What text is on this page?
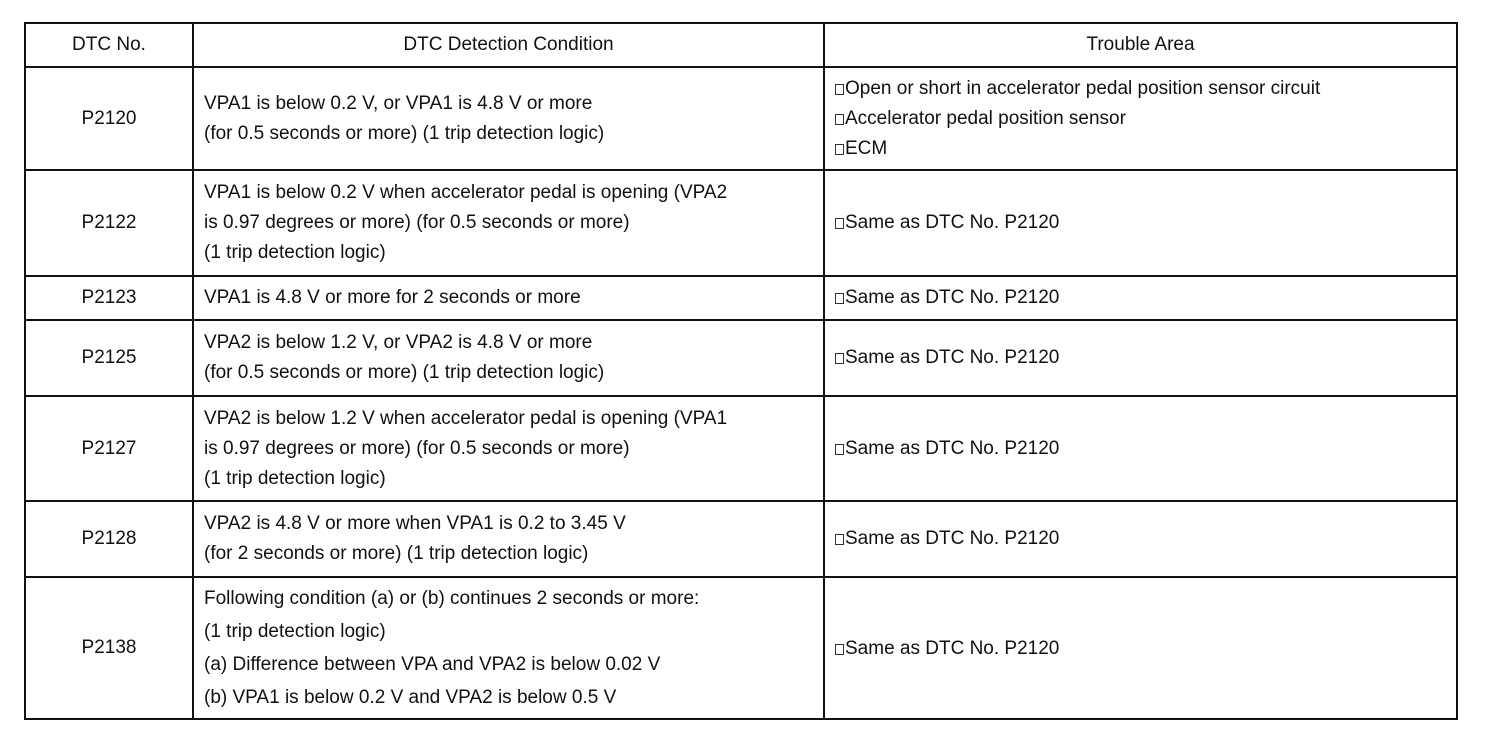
DTC No.	DTC Detection Condition	Trouble Area
P2120	VPA1 is below 0.2 V, or VPA1 is 4.8 V or more
(for 0.5 seconds or more) (1 trip detection logic)	Open or short in accelerator pedal position sensor circuit
Accelerator pedal position sensor
ECM

P2122	VPA1 is below 0.2 V when accelerator pedal is opening (VPA2
is 0.97 degrees or more) (for 0.5 seconds or more)
(1 trip detection logic)	Same as DTC No. P2120

P2123	VPA1 is 4.8 V or more for 2 seconds or more	Same as DTC No. P2120

P2125	VPA2 is below 1.2 V, or VPA2 is 4.8 V or more
(for 0.5 seconds or more) (1 trip detection logic)	Same as DTC No. P2120

P2127	VPA2 is below 1.2 V when accelerator pedal is opening (VPA1
is 0.97 degrees or more) (for 0.5 seconds or more)
(1 trip detection logic)	Same as DTC No. P2120

P2128	VPA2 is 4.8 V or more when VPA1 is 0.2 to 3.45 V
(for 2 seconds or more) (1 trip detection logic)	Same as DTC No. P2120

P2138	Following condition (a) or (b) continues 2 seconds or more:
(1 trip detection logic)
(a) Difference between VPA and VPA2 is below 0.02 V
(b) VPA1 is below 0.2 V and VPA2 is below 0.5 V	Same as DTC No. P2120
